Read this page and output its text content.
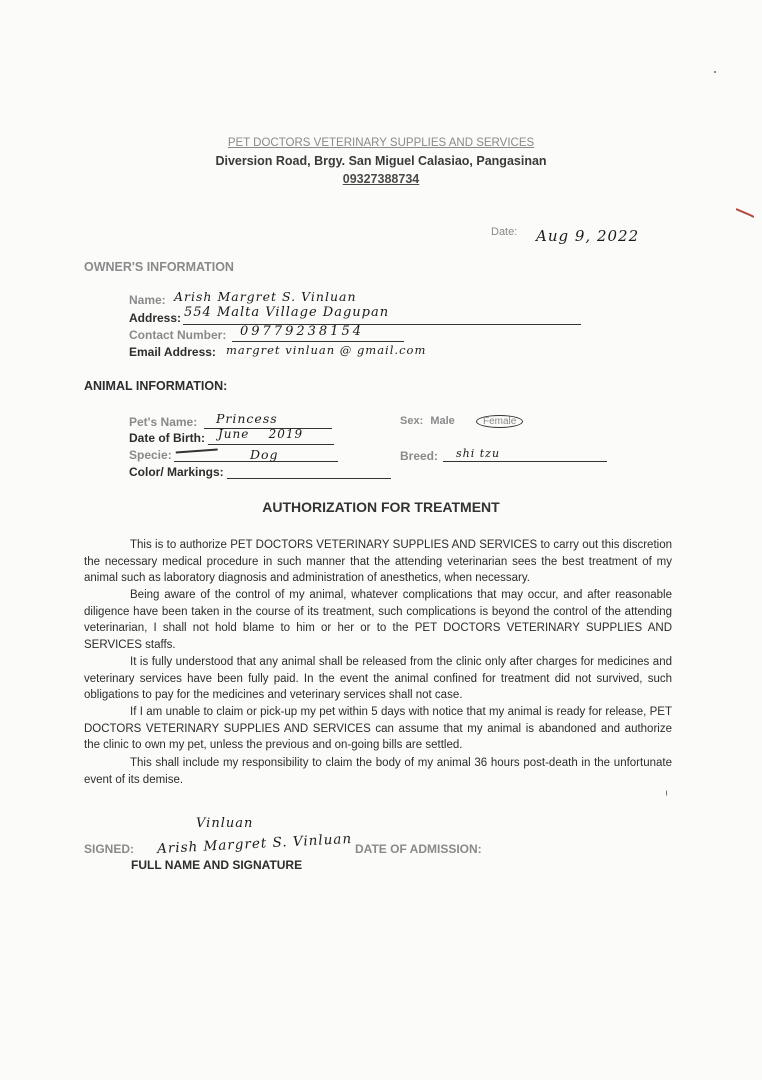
PET DOCTORS VETERINARY SUPPLIES AND SERVICES
Diversion Road, Brgy. San Miguel Calasiao, Pangasinan
09327388734
Date: Aug 9, 2022
OWNER'S INFORMATION
Name: Arish Margret S. Vinluan
Address: 554 Malta Village Dagupan
Contact Number: 09779238154
Email Address: margret vinluan @ gmail.com
ANIMAL INFORMATION:
Pet's Name: Princess
Date of Birth: June    2019
Specie:	Dog
Color/ Markings:
Sex: Male	Female
Breed: shi tzu
AUTHORIZATION FOR TREATMENT
This is to authorize PET DOCTORS VETERINARY SUPPLIES AND SERVICES to carry out this discretion the necessary medical procedure in such manner that the attending veterinarian sees the best treatment of my animal such as laboratory diagnosis and administration of anesthetics, when necessary.
Being aware of the control of my animal, whatever complications that may occur, and after reasonable diligence have been taken in the course of its treatment, such complications is beyond the control of the attending veterinarian, I shall not hold blame to him or her or to the PET DOCTORS VETERINARY SUPPLIES AND SERVICES staffs.
It is fully understood that any animal shall be released from the clinic only after charges for medicines and veterinary services have been fully paid. In the event the animal confined for treatment did not survived, such obligations to pay for the medicines and veterinary services shall not case.
If I am unable to claim or pick-up my pet within 5 days with notice that my animal is ready for release, PET DOCTORS VETERINARY SUPPLIES AND SERVICES can assume that my animal is abandoned and authorize the clinic to own my pet, unless the previous and on-going bills are settled.
This shall include my responsibility to claim the body of my animal 36 hours post-death in the unfortunate event of its demise.
SIGNED:
Vinluan
Arish Margret S. Vinluan
FULL NAME AND SIGNATURE
DATE OF ADMISSION:
